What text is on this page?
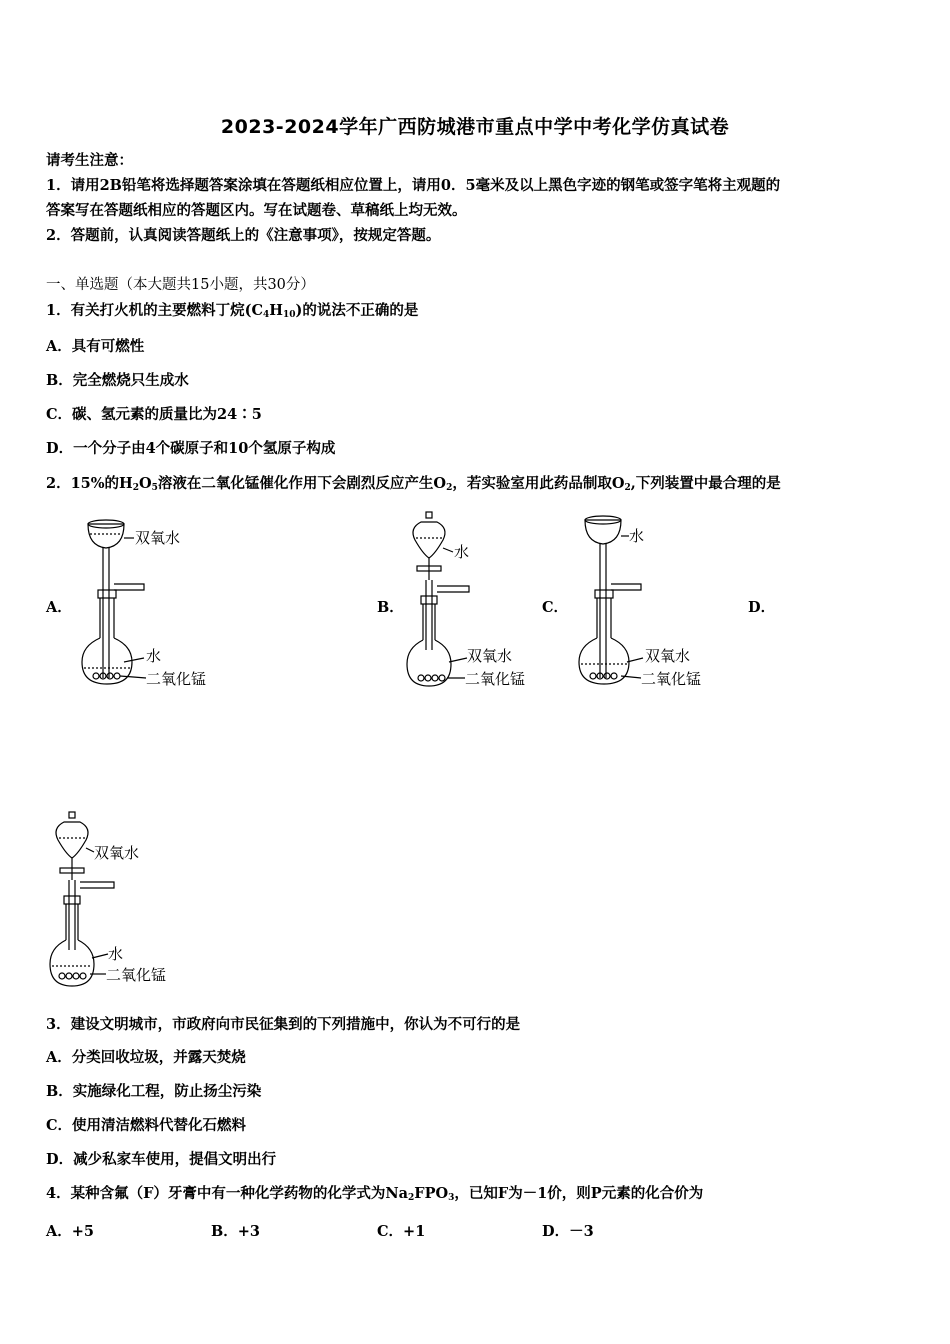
2023-2024学年广西防城港市重点中学中考化学仿真试卷
请考生注意：
1．请用2B铅笔将选择题答案涂填在答题纸相应位置上，请用0．5毫米及以上黑色字迹的钢笔或签字笔将主观题的
答案写在答题纸相应的答题区内。写在试题卷、草稿纸上均无效。
2．答题前，认真阅读答题纸上的《注意事项》，按规定答题。
一、单选题（本大题共15小题，共30分）
1．有关打火机的主要燃料丁烷$(C_4H_{10})$的说法不正确的是
A．具有可燃性
B．完全燃烧只生成水
C．碳、氢元素的质量比为24∶5
D．一个分子由4个碳原子和10个氢原子构成
2．15%的$H_2O_5$溶液在二氧化锰催化作用下会剧烈反应产生$O_2$，若实验室用此药品制取$O_2$,下列装置中最合理的是
A．	B．	C．	D．
双氧水
水
二氧化锰
水
双氧水
二氧化锰
水
双氧水
二氧化锰
双氧水
水
二氧化锰
3．建设文明城市，市政府向市民征集到的下列措施中，你认为不可行的是
A．分类回收垃圾，并露天焚烧
B．实施绿化工程，防止扬尘污染
C．使用清洁燃料代替化石燃料
D．减少私家车使用，提倡文明出行
4．某种含氟（F）牙膏中有一种化学药物的化学式为$Na_2FPO_3$，已知F为－1价，则P元素的化合价为
A．+5	B．+3	C．+1	D．－3
